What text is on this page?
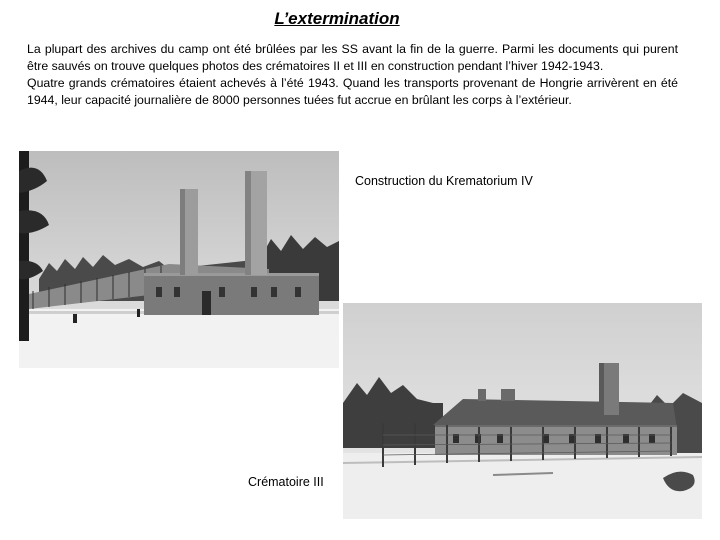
L’extermination

La plupart des archives du camp ont été brûlées par les SS avant la fin de la guerre. Parmi les documents qui purent être sauvés on trouve quelques photos des crématoires II et III en construction pendant l’hiver 1942-1943.

Quatre grands crématoires étaient achevés à l’été 1943. Quand les transports provenant de Hongrie arrivèrent en été 1944, leur capacité journalière de 8000 personnes tuées fut accrue en brûlant les corps à l’extérieur.

Construction du Krematorium IV
Crématoire III
